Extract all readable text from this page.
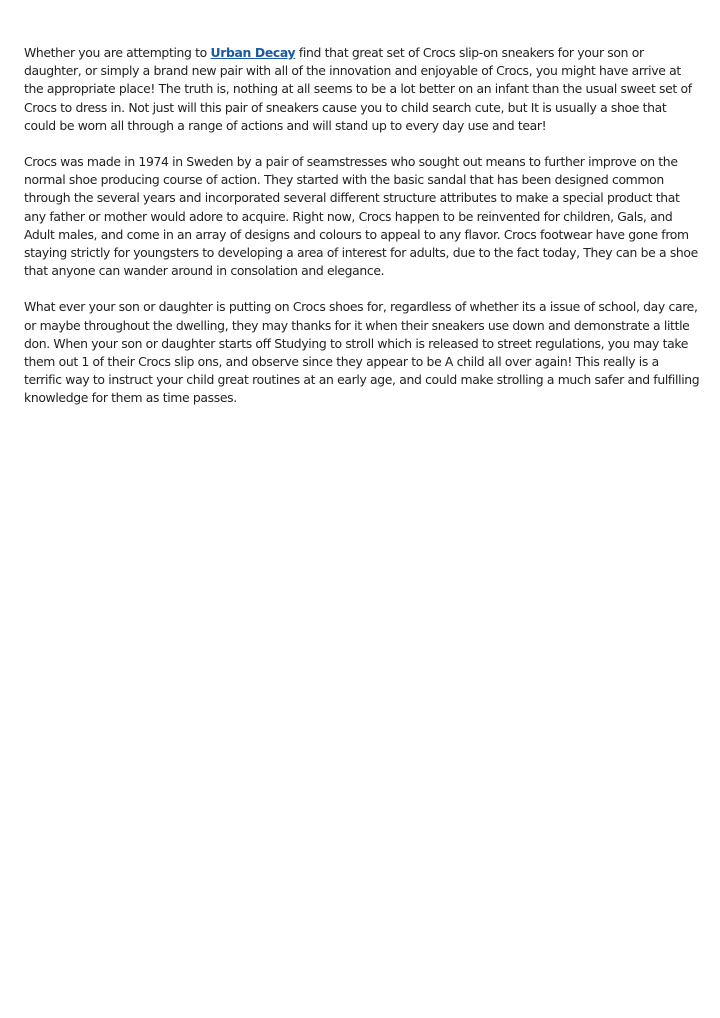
Whether you are attempting to Urban Decay find that great set of Crocs slip-on sneakers for your son or daughter, or simply a brand new pair with all of the innovation and enjoyable of Crocs, you might have arrive at the appropriate place! The truth is, nothing at all seems to be a lot better on an infant than the usual sweet set of Crocs to dress in. Not just will this pair of sneakers cause you to child search cute, but It is usually a shoe that could be worn all through a range of actions and will stand up to every day use and tear!

Crocs was made in 1974 in Sweden by a pair of seamstresses who sought out means to further improve on the normal shoe producing course of action. They started with the basic sandal that has been designed common through the several years and incorporated several different structure attributes to make a special product that any father or mother would adore to acquire. Right now, Crocs happen to be reinvented for children, Gals, and Adult males, and come in an array of designs and colours to appeal to any flavor. Crocs footwear have gone from staying strictly for youngsters to developing a area of interest for adults, due to the fact today, They can be a shoe that anyone can wander around in consolation and elegance.

What ever your son or daughter is putting on Crocs shoes for, regardless of whether its a issue of school, day care, or maybe throughout the dwelling, they may thanks for it when their sneakers use down and demonstrate a little don. When your son or daughter starts off Studying to stroll which is released to street regulations, you may take them out 1 of their Crocs slip ons, and observe since they appear to be A child all over again! This really is a terrific way to instruct your child great routines at an early age, and could make strolling a much safer and fulfilling knowledge for them as time passes.
